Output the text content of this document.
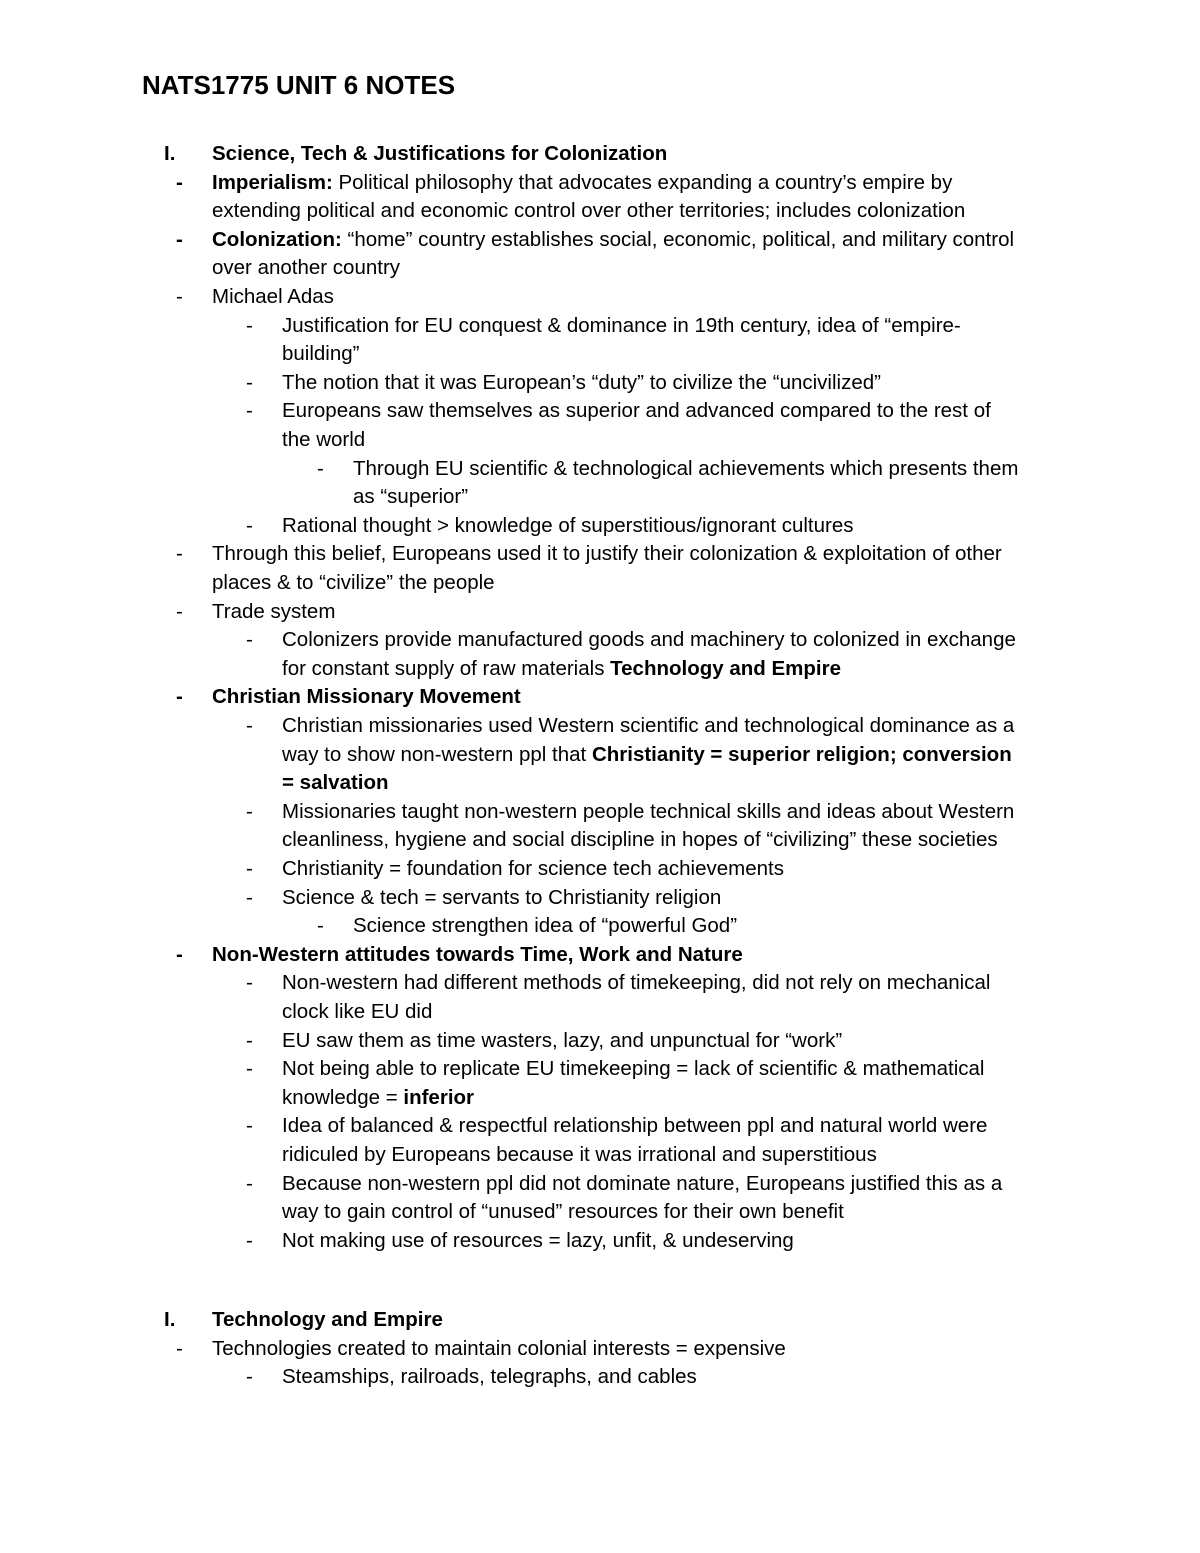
NATS1775 UNIT 6 NOTES
I. Science, Tech & Justifications for Colonization
- Imperialism: Political philosophy that advocates expanding a country’s empire by
extending political and economic control over other territories; includes colonization
- Colonization: “home” country establishes social, economic, political, and military control
over another country
- Michael Adas
- Justification for EU conquest & dominance in 19th century, idea of “empire-
building”
- The notion that it was European’s “duty” to civilize the “uncivilized”
- Europeans saw themselves as superior and advanced compared to the rest of
the world
- Through EU scientific & technological achievements which presents them
as “superior”
- Rational thought > knowledge of superstitious/ignorant cultures
- Through this belief, Europeans used it to justify their colonization & exploitation of other
places & to “civilize” the people
- Trade system
- Colonizers provide manufactured goods and machinery to colonized in exchange
for constant supply of raw materials Technology and Empire
- Christian Missionary Movement
- Christian missionaries used Western scientific and technological dominance as a
way to show non-western ppl that Christianity = superior religion; conversion
= salvation
- Missionaries taught non-western people technical skills and ideas about Western
cleanliness, hygiene and social discipline in hopes of “civilizing” these societies
- Christianity = foundation for science tech achievements
- Science & tech = servants to Christianity religion
- Science strengthen idea of “powerful God”
- Non-Western attitudes towards Time, Work and Nature
- Non-western had different methods of timekeeping, did not rely on mechanical
clock like EU did
- EU saw them as time wasters, lazy, and unpunctual for “work”
- Not being able to replicate EU timekeeping = lack of scientific & mathematical
knowledge = inferior
- Idea of balanced & respectful relationship between ppl and natural world were
ridiculed by Europeans because it was irrational and superstitious
- Because non-western ppl did not dominate nature, Europeans justified this as a
way to gain control of “unused” resources for their own benefit
- Not making use of resources = lazy, unfit, & undeserving
I. Technology and Empire
- Technologies created to maintain colonial interests = expensive
- Steamships, railroads, telegraphs, and cables
